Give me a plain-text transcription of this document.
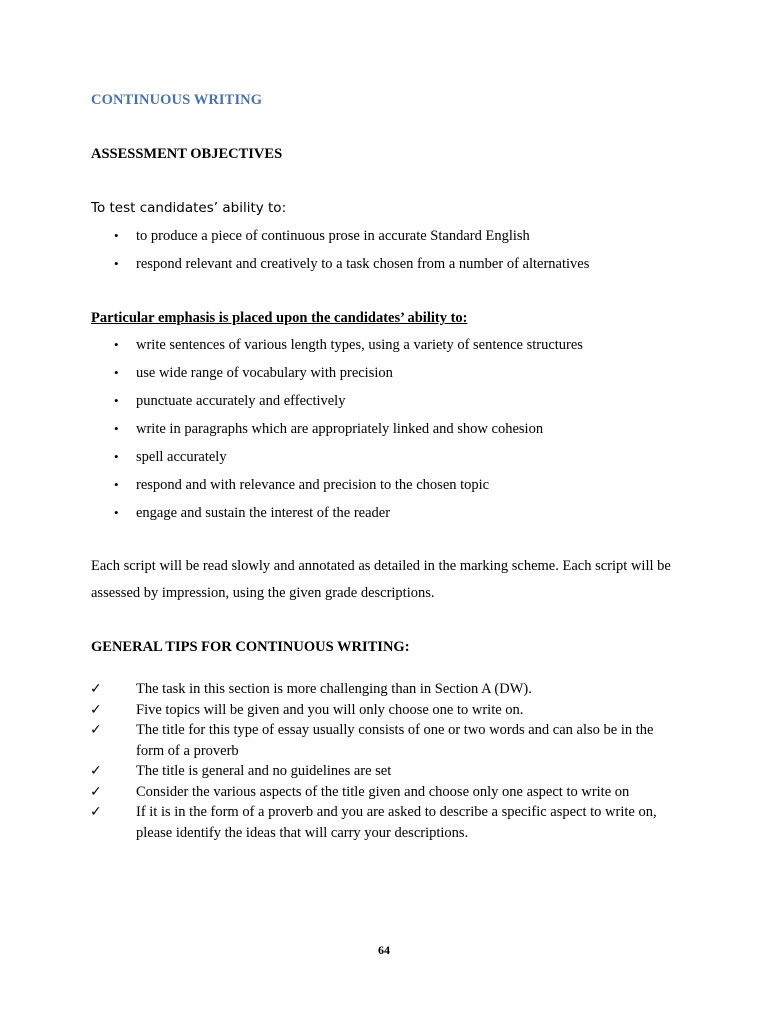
CONTINUOUS WRITING
ASSESSMENT OBJECTIVES
To test candidates’ ability to:
• to produce a piece of continuous prose in accurate Standard English
• respond relevant and creatively to a task chosen from a number of alternatives
Particular emphasis is placed upon the candidates’ ability to:
• write sentences of various length types, using a variety of sentence structures
• use wide range of vocabulary with precision
• punctuate accurately and effectively
• write in paragraphs which are appropriately linked and show cohesion
• spell accurately
• respond and with relevance and precision to the chosen topic
• engage and sustain the interest of the reader
Each script will be read slowly and annotated as detailed in the marking scheme. Each script will be assessed by impression, using the given grade descriptions.
GENERAL TIPS FOR CONTINUOUS WRITING:
✓ The task in this section is more challenging than in Section A (DW).
✓ Five topics will be given and you will only choose one to write on.
✓ The title for this type of essay usually consists of one or two words and can also be in the form of a proverb
✓ The title is general and no guidelines are set
✓ Consider the various aspects of the title given and choose only one aspect to write on
✓ If it is in the form of a proverb and you are asked to describe a specific aspect to write on, please identify the ideas that will carry your descriptions.
64
